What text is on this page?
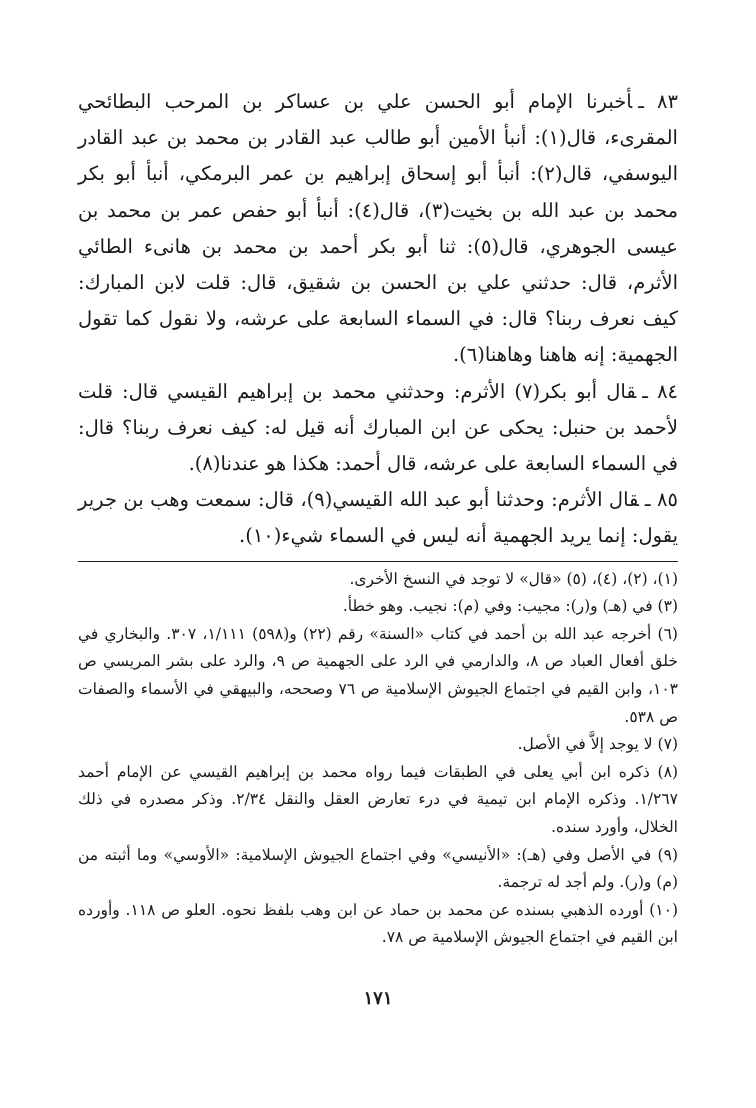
٨٣ ـأخبرنا الإمام أبو الحسن علي بن عساكر بن المرحب البطائحي المقرىء، قال(١): أنبأ الأمين أبو طالب عبد القادر بن محمد بن عبد القادر اليوسفي، قال(٢): أنبأ أبو إسحاق إبراهيم بن عمر البرمكي، أنبأ أبو بكر محمد بن عبد الله بن بخيت(٣)، قال(٤): أنبأ أبو حفص عمر بن محمد بن عيسى الجوهري، قال(٥): ثنا أبو بكر أحمد بن محمد بن هانىء الطائي الأثرم، قال: حدثني علي بن الحسن بن شقيق، قال: قلت لابن المبارك: كيف نعرف ربنا؟ قال: في السماء السابعة على عرشه، ولا نقول كما تقول الجهمية: إنه هاهنا وهاهنا(٦).

٨٤ ـقال أبو بكر(٧) الأثرم: وحدثني محمد بن إبراهيم القيسي قال: قلت لأحمد بن حنبل: يحكى عن ابن المبارك أنه قيل له: كيف نعرف ربنا؟ قال: في السماء السابعة على عرشه، قال أحمد: هكذا هو عندنا(٨).

٨٥ ـقال الأثرم: وحدثنا أبو عبد الله القيسي(٩)، قال: سمعت وهب بن جرير يقول: إنما يريد الجهمية أنه ليس في السماء شيء(١٠).

(١)، (٢)، (٤)، (٥) «قال» لا توجد في النسخ الأخرى.

(٣) في (هـ) و(ر): مجيب: وفي (م): نجيب. وهو خطأ.

(٦) أخرجه عبد الله بن أحمد في كتاب «السنة» رقم (٢٢) و(٥٩٨) ١/١١١، ٣٠٧. والبخاري في خلق أفعال العباد ص ٨، والدارمي في الرد على الجهمية ص ٩، والرد على بشر المريسي ص ١٠٣، وابن القيم في اجتماع الجيوش الإسلامية ص ٧٦ وصححه، والبيهقي في الأسماء والصفات ص ٥٣٨.

(٧) لا يوجد إلاَّ في الأصل.

(٨) ذكره ابن أبي يعلى في الطبقات فيما رواه محمد بن إبراهيم القيسي عن الإمام أحمد ١/٢٦٧. وذكره الإمام ابن تيمية في درء تعارض العقل والنقل ٢/٣٤. وذكر مصدره في ذلك الخلال، وأورد سنده.

(٩) في الأصل وفي (هـ): «الأنيسي» وفي اجتماع الجيوش الإسلامية: «الأوسي» وما أثبته من (م) و(ر). ولم أجد له ترجمة.

(١٠) أورده الذهبي بسنده عن محمد بن حماد عن ابن وهب بلفظ نحوه. العلو ص ١١٨. وأورده ابن القيم في اجتماع الجيوش الإسلامية ص ٧٨.

١٧١
